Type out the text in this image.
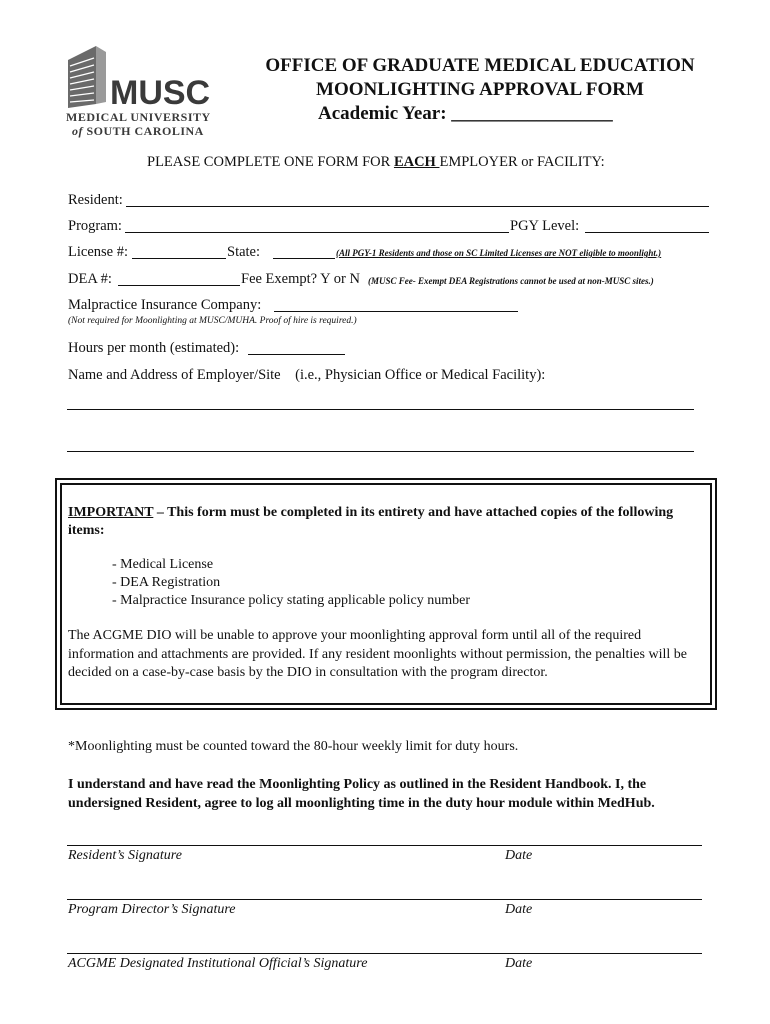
MUSC
MEDICAL UNIVERSITY
of SOUTH CAROLINA
OFFICE OF GRADUATE MEDICAL EDUCATION
MOONLIGHTING APPROVAL FORM
Academic Year: _________________
PLEASE COMPLETE ONE FORM FOR EACH EMPLOYER or FACILITY:
Resident:
Program:	PGY Level:
License #:	State:	(All PGY-1 Residents and those on SC Limited Licenses are NOT eligible to moonlight.)
DEA #:	Fee Exempt? Y or N (MUSC Fee- Exempt DEA Registrations cannot be used at non-MUSC sites.)
Malpractice Insurance Company:
(Not required for Moonlighting at MUSC/MUHA. Proof of hire is required.)
Hours per month (estimated):
Name and Address of Employer/Site    (i.e., Physician Office or Medical Facility):
IMPORTANT – This form must be completed in its entirety and have attached copies of the following items:
- Medical License
- DEA Registration
- Malpractice Insurance policy stating applicable policy number
The ACGME DIO will be unable to approve your moonlighting approval form until all of the required information and attachments are provided. If any resident moonlights without permission, the penalties will be decided on a case-by-case basis by the DIO in consultation with the program director.
*Moonlighting must be counted toward the 80-hour weekly limit for duty hours.
I understand and have read the Moonlighting Policy as outlined in the Resident Handbook. I, the undersigned Resident, agree to log all moonlighting time in the duty hour module within MedHub.
Resident’s Signature	Date
Program Director’s Signature	Date
ACGME Designated Institutional Official’s Signature	Date
